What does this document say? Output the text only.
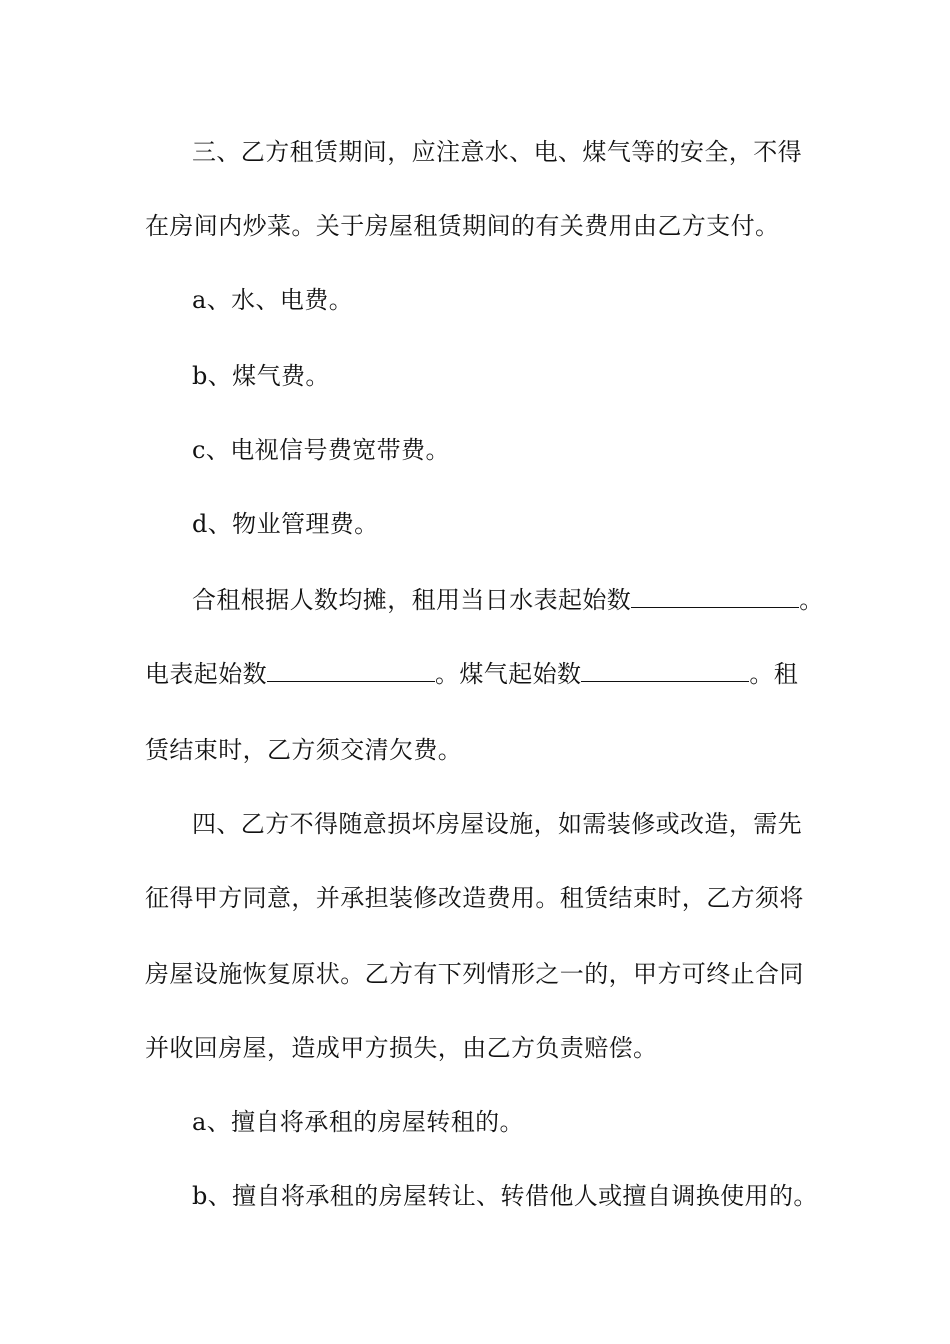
三、乙方租赁期间，应注意水、电、煤气等的安全，不得
在房间内炒菜。关于房屋租赁期间的有关费用由乙方支付。
a、水、电费。
b、煤气费。
c、电视信号费宽带费。
d、物业管理费。
合租根据人数均摊，租用当日水表起始数	。
电表起始数	。煤气起始数	。租
赁结束时，乙方须交清欠费。
四、乙方不得随意损坏房屋设施，如需装修或改造，需先
征得甲方同意，并承担装修改造费用。租赁结束时，乙方须将
房屋设施恢复原状。乙方有下列情形之一的，甲方可终止合同
并收回房屋，造成甲方损失，由乙方负责赔偿。
a、擅自将承租的房屋转租的。
b、擅自将承租的房屋转让、转借他人或擅自调换使用的。
